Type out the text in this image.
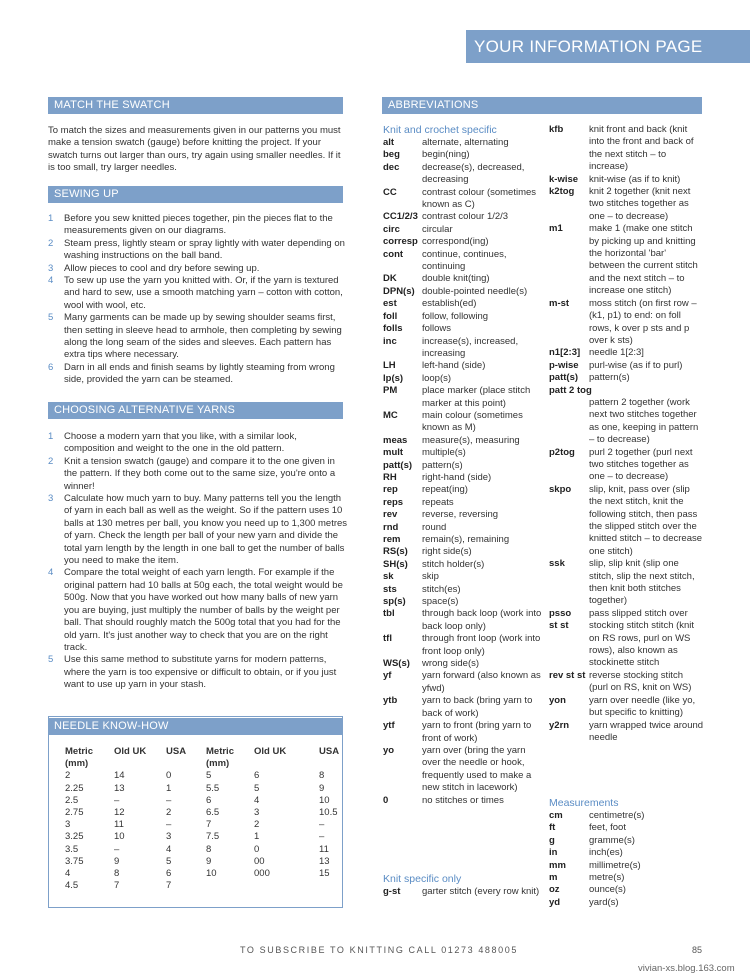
YOUR INFORMATION PAGE
MATCH THE SWATCH
To match the sizes and measurements given in our patterns you must make a tension swatch (gauge) before knitting the project. If your swatch turns out larger than ours, try again using smaller needles. If it is too small, try larger needles.
SEWING UP
1 Before you sew knitted pieces together, pin the pieces flat to the measurements given on our diagrams.
2 Steam press, lightly steam or spray lightly with water depending on washing instructions on the ball band.
3 Allow pieces to cool and dry before sewing up.
4 To sew up use the yarn you knitted with. Or, if the yarn is textured and hard to sew, use a smooth matching yarn – cotton with cotton, wool with wool, etc.
5 Many garments can be made up by sewing shoulder seams first, then setting in sleeve head to armhole, then completing by sewing along the long seam of the sides and sleeves. Each pattern has extra tips where necessary.
6 Darn in all ends and finish seams by lightly steaming from wrong side, provided the yarn can be steamed.
CHOOSING ALTERNATIVE YARNS
1 Choose a modern yarn that you like, with a similar look, composition and weight to the one in the old pattern.
2 Knit a tension swatch (gauge) and compare it to the one given in the pattern. If they both come out to the same size, you're onto a winner!
3 Calculate how much yarn to buy. Many patterns tell you the length of yarn in each ball as well as the weight. So if the pattern uses 10 balls at 130 metres per ball, you know you need up to 1,300 metres of yarn. Check the length per ball of your new yarn and divide the total yarn length by the length in one ball to get the number of balls you need to make the item.
4 Compare the total weight of each yarn length. For example if the original pattern had 10 balls at 50g each, the total weight would be 500g. Now that you have worked out how many balls of new yarn you are buying, just multiply the number of balls by the weight per ball. That should roughly match the 500g total that you had for the old yarn. It's just another way to check that you are on the right track.
5 Use this same method to substitute yarns for modern patterns, where the yarn is too expensive or difficult to obtain, or if you just want to use up yarn in your stash.
NEEDLE KNOW-HOW
Metric (mm)	Old UK	USA	Metric (mm)	Old UK	USA
2	14	0	5	6	8
2.25	13	1	5.5	5	9
2.5	–	–	6	4	10
2.75	12	2	6.5	3	10.5
3	11	–	7	2	–
3.25	10	3	7.5	1	–
3.5	–	4	8	0	11
3.75	9	5	9	00	13
4	8	6	10	000	15
4.5	7	7			
ABBREVIATIONS
Knit and crochet specific
alt	alternate, alternating
beg	begin(ning)
dec	decrease(s), decreased, decreasing
CC	contrast colour (sometimes known as C)
CC1/2/3 contrast colour 1/2/3
circ	circular
corresp correspond(ing)
cont	continue, continues, continuing
DK	double knit(ting)
DPN(s) double-pointed needle(s)
est	establish(ed)
foll	follow, following
folls	follows
inc	increase(s), increased, increasing
LH	left-hand (side)
lp(s)	loop(s)
PM	place marker (place stitch marker at this point)
MC	main colour (sometimes known as M)
meas	measure(s), measuring
mult	multiple(s)
patt(s)	pattern(s)
RH	right-hand (side)
rep	repeat(ing)
reps	repeats
rev	reverse, reversing
rnd	round
rem	remain(s), remaining
RS(s)	right side(s)
SH(s)	stitch holder(s)
sk	skip
sts	stitch(es)
sp(s)	space(s)
tbl	through back loop (work into back loop only)
tfl	through front loop (work into front loop only)
WS(s)	wrong side(s)
yf	yarn forward (also known as yfwd)
ytb	yarn to back (bring yarn to back of work)
ytf	yarn to front (bring yarn to front of work)
yo	yarn over (bring the yarn over the needle or hook, frequently used to make a new stitch in lacework)
0	no stitches or times
Knit specific only
g-st	garter stitch (every row knit)
kfb	knit front and back (knit into the front and back of the next stitch – to increase)
k-wise	knit-wise (as if to knit)
k2tog	knit 2 together (knit next two stitches together as one – to decrease)
m1	make 1 (make one stitch by picking up and knitting the horizontal 'bar' between the current stitch and the next stitch – to increase one stitch)
m-st	moss stitch (on first row – (k1, p1) to end: on foll rows, k over p sts and p over k sts)
n1[2:3] needle 1[2:3]
p-wise	purl-wise (as if to purl)
patt(s)	pattern(s)
patt 2 tog
pattern 2 together (work next two stitches together as one, keeping in pattern – to decrease)
p2tog	purl 2 together (purl next two stitches together as one – to decrease)
skpo	slip, knit, pass over (slip the next stitch, knit the following stitch, then pass the slipped stitch over the knitted stitch – to decrease one stitch)
ssk	slip, slip knit (slip one stitch, slip the next stitch, then knit both stitches together)
psso	pass slipped stitch over
st st	stocking stitch stitch (knit on RS rows, purl on WS rows), also known as stockinette stitch
rev st st reverse stocking stitch (purl on RS, knit on WS)
yon	yarn over needle (like yo, but specific to knitting)
y2rn	yarn wrapped twice around needle
Measurements
cm	centimetre(s)
ft	feet, foot
g	gramme(s)
in	inch(es)
mm	millimetre(s)
m	metre(s)
oz	ounce(s)
yd	yard(s)
TO SUBSCRIBE TO KNITTING CALL 01273 488005	85
vivian-xs.blog.163.com
